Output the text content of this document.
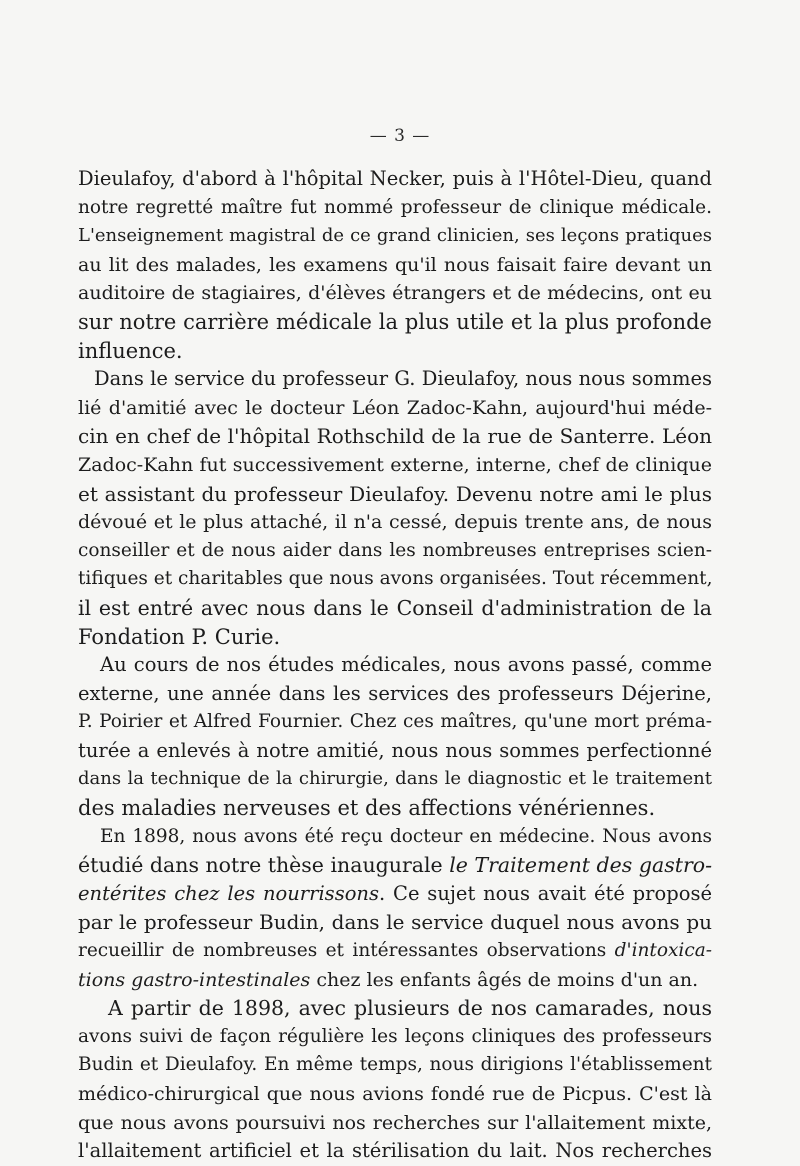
— 3 —

Dieulafoy, d'abord à l'hôpital Necker, puis à l'Hôtel-Dieu, quand
notre regretté maître fut nommé professeur de clinique médicale.
L'enseignement magistral de ce grand clinicien, ses leçons pratiques
au lit des malades, les examens qu'il nous faisait faire devant un
auditoire de stagiaires, d'élèves étrangers et de médecins, ont eu
sur notre carrière médicale la plus utile et la plus profonde
influence.

Dans le service du professeur G. Dieulafoy, nous nous sommes
lié d'amitié avec le docteur Léon Zadoc-Kahn, aujourd'hui méde-
cin en chef de l'hôpital Rothschild de la rue de Santerre. Léon
Zadoc-Kahn fut successivement externe, interne, chef de clinique
et assistant du professeur Dieulafoy. Devenu notre ami le plus
dévoué et le plus attaché, il n'a cessé, depuis trente ans, de nous
conseiller et de nous aider dans les nombreuses entreprises scien-
tifiques et charitables que nous avons organisées. Tout récemment,
il est entré avec nous dans le Conseil d'administration de la
Fondation P. Curie.

Au cours de nos études médicales, nous avons passé, comme
externe, une année dans les services des professeurs Déjerine,
P. Poirier et Alfred Fournier. Chez ces maîtres, qu'une mort préma-
turée a enlevés à notre amitié, nous nous sommes perfectionné
dans la technique de la chirurgie, dans le diagnostic et le traitement
des maladies nerveuses et des affections vénériennes.

En 1898, nous avons été reçu docteur en médecine. Nous avons
étudié dans notre thèse inaugurale le Traitement des gastro-
entérites chez les nourrissons. Ce sujet nous avait été proposé
par le professeur Budin, dans le service duquel nous avons pu
recueillir de nombreuses et intéressantes observations d'intoxica-
tions gastro-intestinales chez les enfants âgés de moins d'un an.

A partir de 1898, avec plusieurs de nos camarades, nous
avons suivi de façon régulière les leçons cliniques des professeurs
Budin et Dieulafoy. En même temps, nous dirigions l'établissement
médico-chirurgical que nous avions fondé rue de Picpus. C'est là
que nous avons poursuivi nos recherches sur l'allaitement mixte,
l'allaitement artificiel et la stérilisation du lait. Nos recherches
